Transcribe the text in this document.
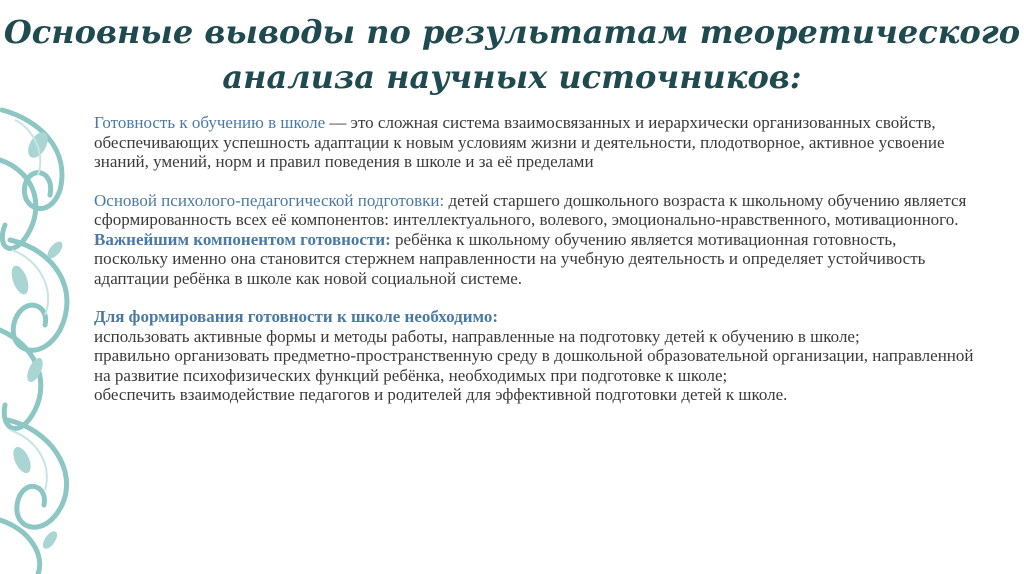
Основные выводы по результатам теоретического
анализа научных источников:

Готовность к обучению в школе — это сложная система взаимосвязанных и иерархически организованных свойств, обеспечивающих успешность адаптации к новым условиям жизни и деятельности, плодотворное, активное усвоение знаний, умений, норм и правил поведения в школе и за её пределами

Основой психолого-педагогической подготовки: детей старшего дошкольного возраста к школьному обучению является сформированность всех её компонентов: интеллектуального, волевого, эмоционально-нравственного, мотивационного.

Важнейшим компонентом готовности: ребёнка к школьному обучению является мотивационная готовность, поскольку именно она становится стержнем направленности на учебную деятельность и определяет устойчивость адаптации ребёнка в школе как новой социальной системе.

Для формирования готовности к школе необходимо:

использовать активные формы и методы работы, направленные на подготовку детей к обучению в школе;

правильно организовать предметно-пространственную среду в дошкольной образовательной организации, направленной на развитие психофизических функций ребёнка, необходимых при подготовке к школе;

обеспечить взаимодействие педагогов и родителей для эффективной подготовки детей к школе.
